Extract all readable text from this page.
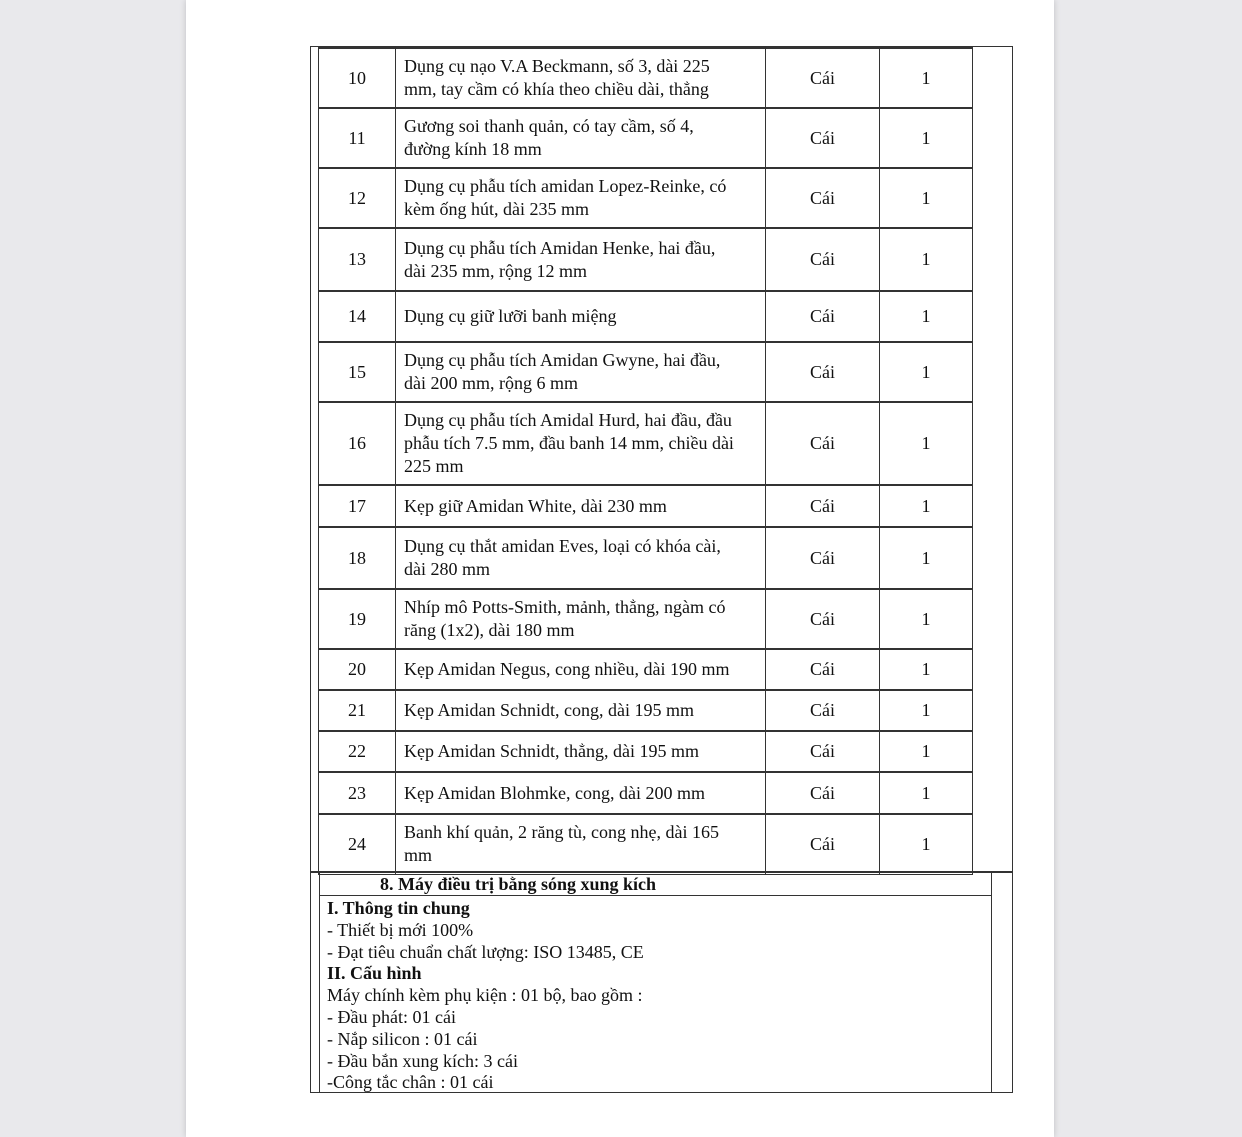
10	Dụng cụ nạo V.A Beckmann, số 3, dài 225
mm, tay cầm có khía theo chiều dài, thẳng	Cái	1
11	Gương soi thanh quản, có tay cầm, số 4,
đường kính 18 mm	Cái	1
12	Dụng cụ phẫu tích amidan Lopez-Reinke, có
kèm ống hút, dài 235 mm	Cái	1
13	Dụng cụ phẫu tích Amidan Henke, hai đầu,
dài 235 mm, rộng 12 mm	Cái	1
14	Dụng cụ giữ lưỡi banh miệng	Cái	1
15	Dụng cụ phẫu tích Amidan Gwyne, hai đầu,
dài 200 mm, rộng 6 mm	Cái	1
16	Dụng cụ phẫu tích Amidal Hurd, hai đầu, đầu
phẫu tích 7.5 mm, đầu banh 14 mm, chiều dài
225 mm	Cái	1
17	Kẹp giữ Amidan White, dài 230 mm	Cái	1
18	Dụng cụ thắt amidan Eves, loại có khóa cài,
dài 280 mm	Cái	1
19	Nhíp mô Potts-Smith, mảnh, thẳng, ngàm có
răng (1x2), dài 180 mm	Cái	1
20	Kẹp Amidan Negus, cong nhiều, dài 190 mm	Cái	1
21	Kẹp Amidan Schnidt, cong, dài 195 mm	Cái	1
22	Kẹp Amidan Schnidt, thẳng, dài 195 mm	Cái	1
23	Kẹp Amidan Blohmke, cong, dài 200 mm	Cái	1
24	Banh khí quản, 2 răng tù, cong nhẹ, dài 165
mm	Cái	1
8. Máy điều trị bằng sóng xung kích
I. Thông tin chung
- Thiết bị mới 100%
- Đạt tiêu chuẩn chất lượng: ISO 13485, CE
II. Cấu hình
Máy chính kèm phụ kiện : 01 bộ, bao gồm :
- Đầu phát: 01 cái
- Nắp silicon : 01 cái
- Đầu bắn xung kích: 3 cái
-Công tắc chân : 01 cái
